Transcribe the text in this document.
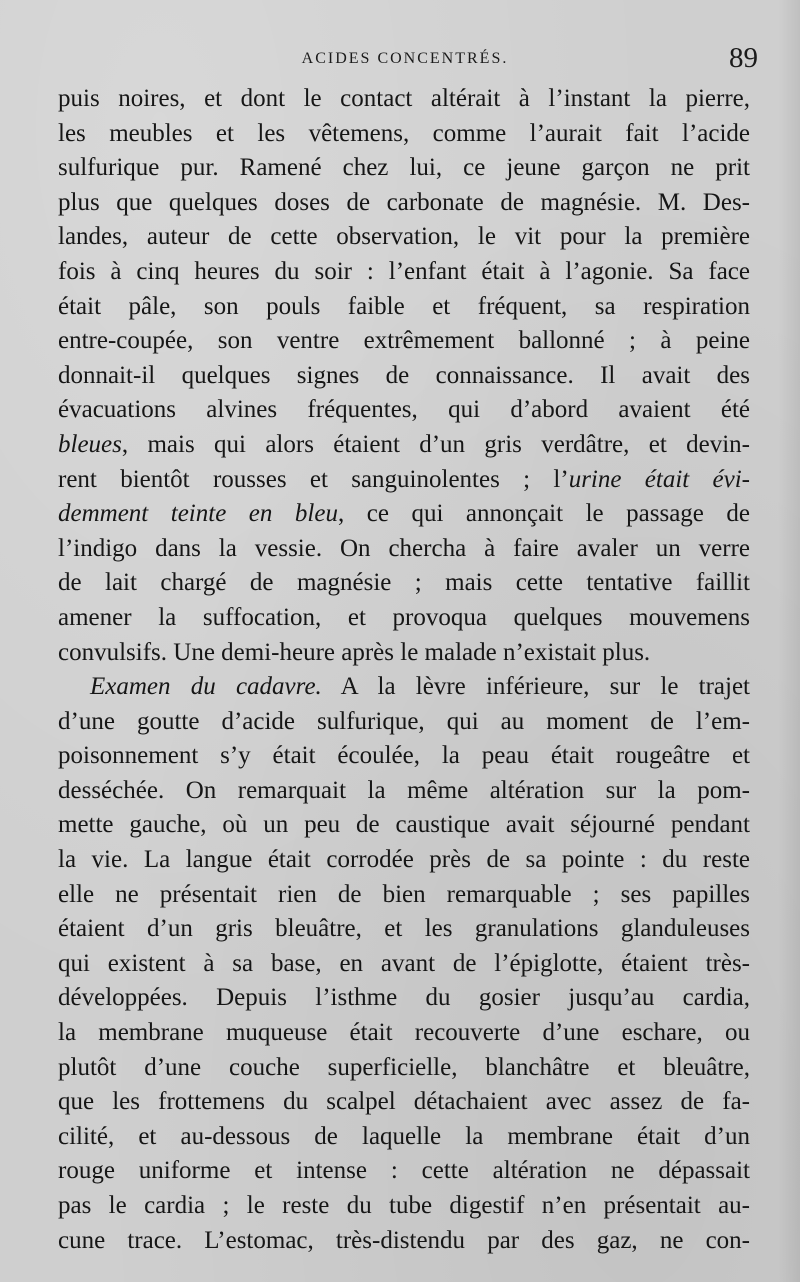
ACIDES CONCENTRÉS.	89
puis noires, et dont le contact altérait à l’instant la pierre,
les meubles et les vêtemens, comme l’aurait fait l’acide
sulfurique pur. Ramené chez lui, ce jeune garçon ne prit
plus que quelques doses de carbonate de magnésie. M. Des-
landes, auteur de cette observation, le vit pour la première
fois à cinq heures du soir : l’enfant était à l’agonie. Sa face
était pâle, son pouls faible et fréquent, sa respiration
entre-coupée, son ventre extrêmement ballonné ; à peine
donnait-il quelques signes de connaissance. Il avait des
évacuations alvines fréquentes, qui d’abord avaient été
bleues, mais qui alors étaient d’un gris verdâtre, et devin-
rent bientôt rousses et sanguinolentes ; l’urine était évi-
demment teinte en bleu, ce qui annonçait le passage de
l’indigo dans la vessie. On chercha à faire avaler un verre
de lait chargé de magnésie ; mais cette tentative faillit
amener la suffocation, et provoqua quelques mouvemens
convulsifs. Une demi-heure après le malade n’existait plus.
Examen du cadavre. A la lèvre inférieure, sur le trajet
d’une goutte d’acide sulfurique, qui au moment de l’em-
poisonnement s’y était écoulée, la peau était rougeâtre et
desséchée. On remarquait la même altération sur la pom-
mette gauche, où un peu de caustique avait séjourné pendant
la vie. La langue était corrodée près de sa pointe : du reste
elle ne présentait rien de bien remarquable ; ses papilles
étaient d’un gris bleuâtre, et les granulations glanduleuses
qui existent à sa base, en avant de l’épiglotte, étaient très-
développées. Depuis l’isthme du gosier jusqu’au cardia,
la membrane muqueuse était recouverte d’une eschare, ou
plutôt d’une couche superficielle, blanchâtre et bleuâtre,
que les frottemens du scalpel détachaient avec assez de fa-
cilité, et au-dessous de laquelle la membrane était d’un
rouge uniforme et intense : cette altération ne dépassait
pas le cardia ; le reste du tube digestif n’en présentait au-
cune trace. L’estomac, très-distendu par des gaz, ne con-
